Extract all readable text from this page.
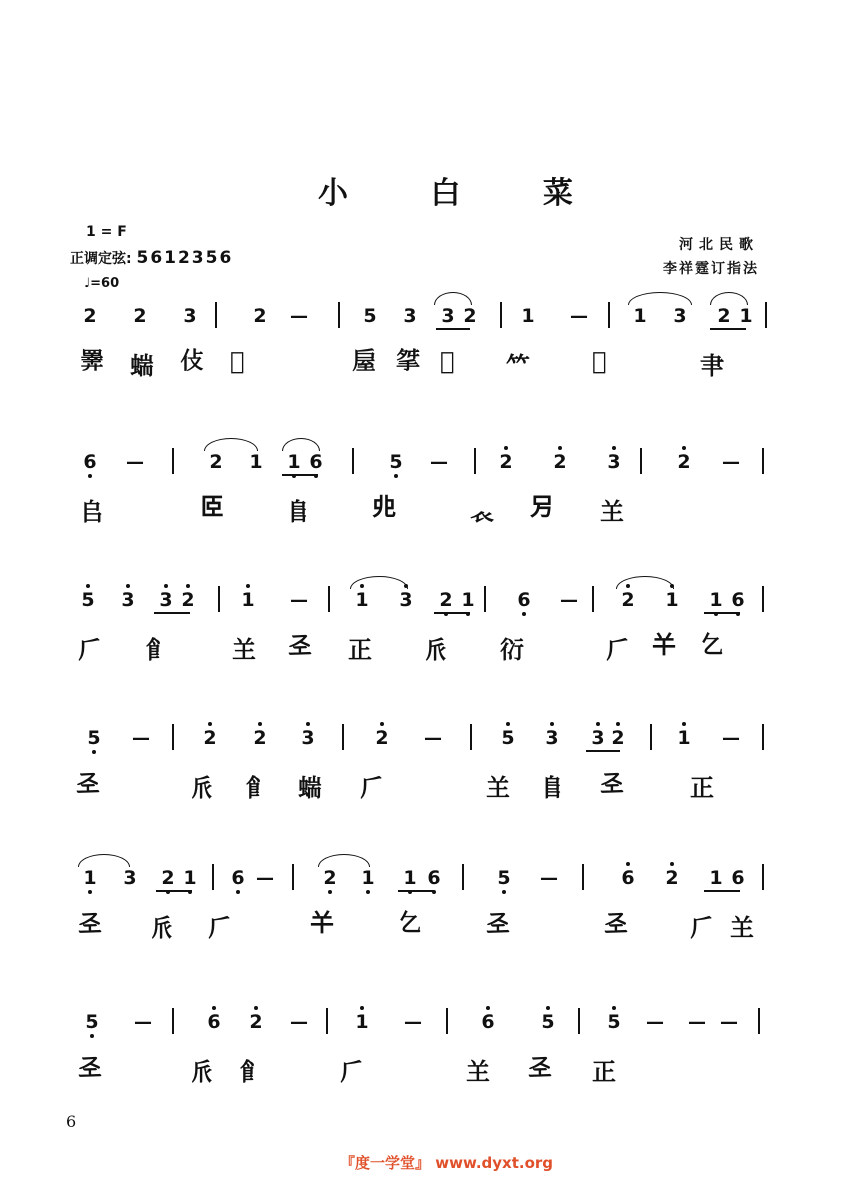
小 白 菜
1 = F
正调定弦: 5612356
♩=60
河北民歌
李祥霆订指法
2 2 3	2 —	5 3 3 2 1 — 1 3 2 1
𢍰 𧍒 𠆸 𦊀	𢩈 𢫰 𨊩 𥫗 𢩉	𦘒
6 —	2 1 1 6	5 —	2 2 3	2 —
𠂤	𦣞 𨸏 𠑹	𧘇 𠮠 𦍌
5 3 3 2 1 — 1 3 2 1 6 — 2 1 1 6
𠂆 𩙿 𦍌 𢀖 正 𠂢 𧗠	𠂆 𢆉 𠃉
5 —	2 2 3	2 —	5 3 3 2	1 —
𢀖	𠂢 𩙿 𧍒 𠂆	𦍌 𨸏 𢀖	正
1 3 2 1 6 —	2 1 1 6	5 —	6 2 1 6
𢀖 𠂢 𠂆	𢆉 𠃉 𢀖	𢀖 𠂆 𦍌
5 —	6 2 — 1 —	6 5	5 — — —
𢀖	𠂢 𩙿	𠂆	𦍌 𢀖 正
6
『度一学堂』 www.dyxt.org
